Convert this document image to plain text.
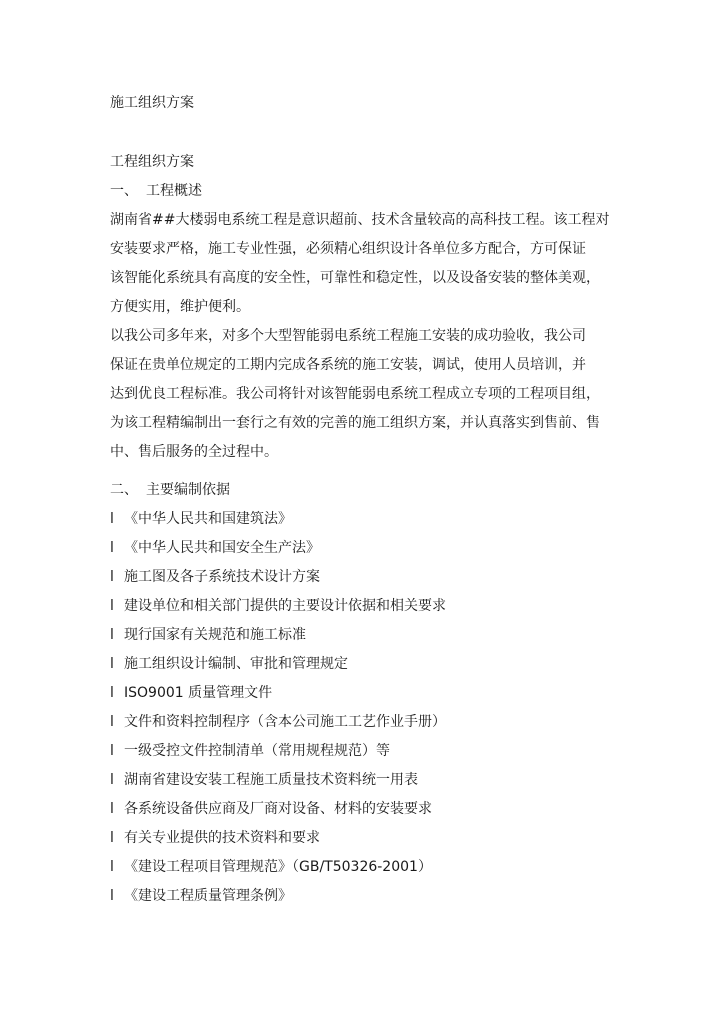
施工组织方案
工程组织方案
一、 工程概述
湖南省##大楼弱电系统工程是意识超前、技术含量较高的高科技工程。该工程对
安装要求严格，施工专业性强，必须精心组织设计各单位多方配合，方可保证
该智能化系统具有高度的安全性，可靠性和稳定性，以及设备安装的整体美观，
方便实用，维护便利。
以我公司多年来，对多个大型智能弱电系统工程施工安装的成功验收，我公司
保证在贵单位规定的工期内完成各系统的施工安装，调试，使用人员培训，并
达到优良工程标准。我公司将针对该智能弱电系统工程成立专项的工程项目组，
为该工程精编制出一套行之有效的完善的施工组织方案，并认真落实到售前、售
中、售后服务的全过程中。
二、 主要编制依据
l 《中华人民共和国建筑法》
l 《中华人民共和国安全生产法》
l 施工图及各子系统技术设计方案
l 建设单位和相关部门提供的主要设计依据和相关要求
l 现行国家有关规范和施工标准
l 施工组织设计编制、审批和管理规定
l ISO9001 质量管理文件
l 文件和资料控制程序（含本公司施工工艺作业手册）
l 一级受控文件控制清单（常用规程规范）等
l 湖南省建设安装工程施工质量技术资料统一用表
l 各系统设备供应商及厂商对设备、材料的安装要求
l 有关专业提供的技术资料和要求
l 《建设工程项目管理规范》（GB/T50326-2001）
l 《建设工程质量管理条例》
